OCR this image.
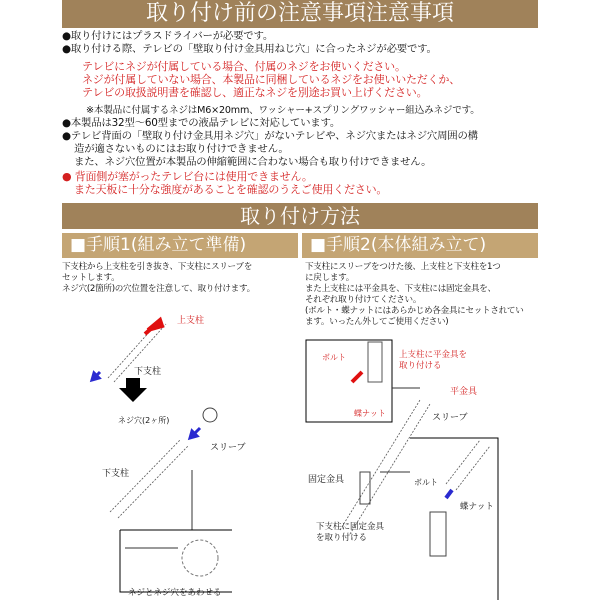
取り付け前の注意事項注意事項
●取り付けにはプラスドライバーが必要です。
●取り付ける際、テレビの「壁取り付け金具用ねじ穴」に合ったネジが必要です。
テレビにネジが付属している場合、付属のネジをお使いください。
ネジが付属していない場合、本製品に同梱しているネジをお使いいただくか、
テレビの取扱説明書を確認し、適正なネジを別途お買い上げください。
※本製品に付属するネジはM6×20mm、ワッシャー+スプリングワッシャー組込みネジです。
●本製品は32型～60型までの液晶テレビに対応しています。
●テレビ背面の「壁取り付け金具用ネジ穴」がないテレビや、ネジ穴またはネジ穴周囲の構
造が適さないものにはお取り付けできません。
また、ネジ穴位置が本製品の伸縮範囲に合わない場合も取り付けできません。
● 背面側が塞がったテレビ台には使用できません。
また天板に十分な強度があることを確認のうえご使用ください。
取り付け方法
■手順1(組み立て準備)	■手順2(本体組み立て)
下支柱から上支柱を引き抜き、下支柱にスリーブを
セットします。
ネジ穴(2箇所)の穴位置を注意して、取り付けます。
下支柱にスリーブをつけた後、上支柱と下支柱を1つ
に戻します。
また上支柱には平金具を、下支柱には固定金具を、
それぞれ取り付けてください。
(ボルト・蝶ナットにはあらかじめ各金具にセットされてい
ます。いったん外してご使用ください)
上支柱
下支柱
ネジ穴(2ヶ所)
スリーブ
下支柱
ネジとネジ穴をあわせる
ボルト	上支柱に平金具を
取り付ける
平金具
蝶ナット	スリーブ
固定金具	ボルト
蝶ナット
下支柱に固定金具
を取り付ける
